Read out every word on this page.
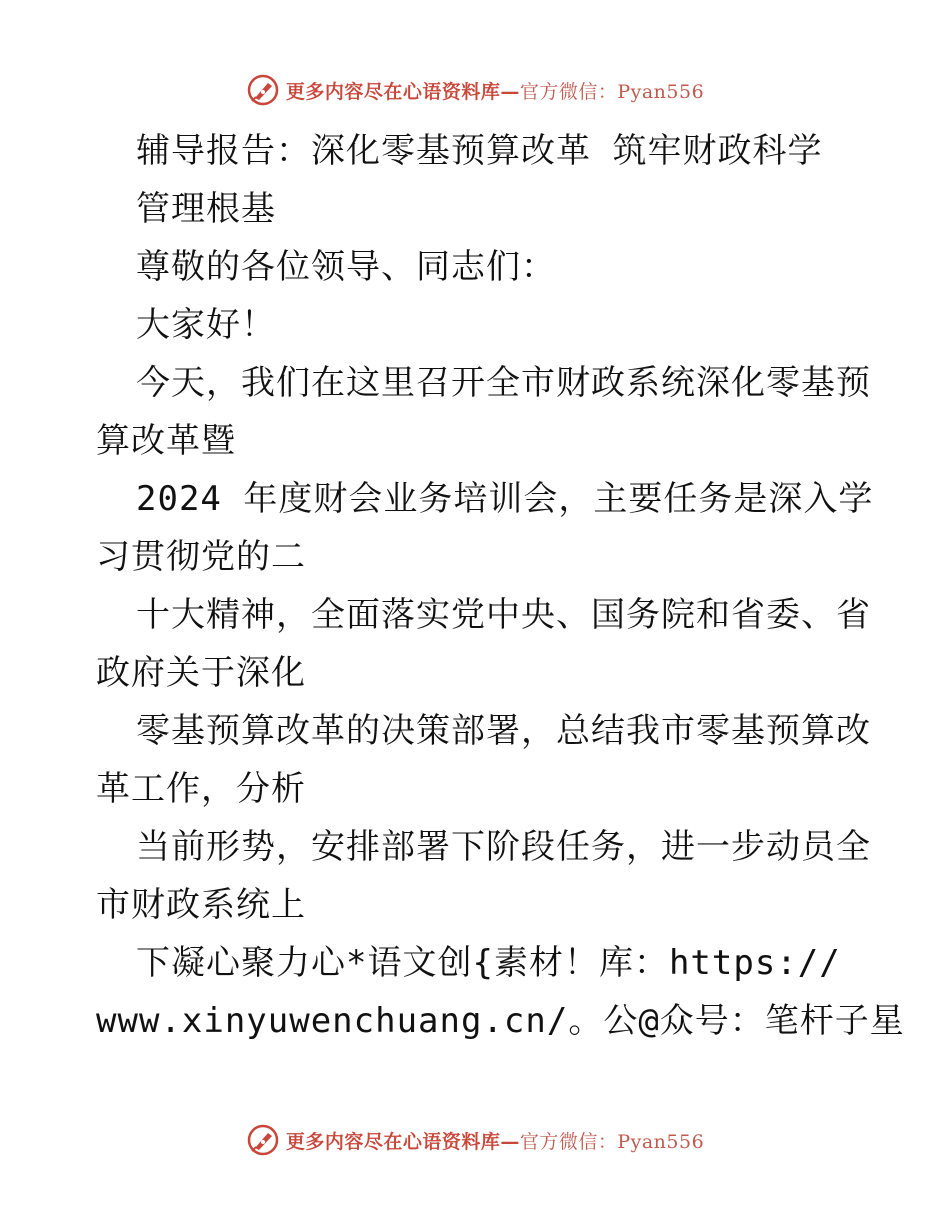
更多内容尽在心语资料库—官方微信：Pyan556
辅导报告：深化零基预算改革 筑牢财政科学
管理根基
尊敬的各位领导、同志们：
大家好！
今天，我们在这里召开全市财政系统深化零基预
算改革暨
2024 年度财会业务培训会，主要任务是深入学
习贯彻党的二
十大精神，全面落实党中央、国务院和省委、省
政府关于深化
零基预算改革的决策部署，总结我市零基预算改
革工作，分析
当前形势，安排部署下阶段任务，进一步动员全
市财政系统上
下凝心聚力心*语文创{素材！库：https://
www.xinyuwenchuang.cn/。公@众号：笔杆子星
更多内容尽在心语资料库—官方微信：Pyan556
